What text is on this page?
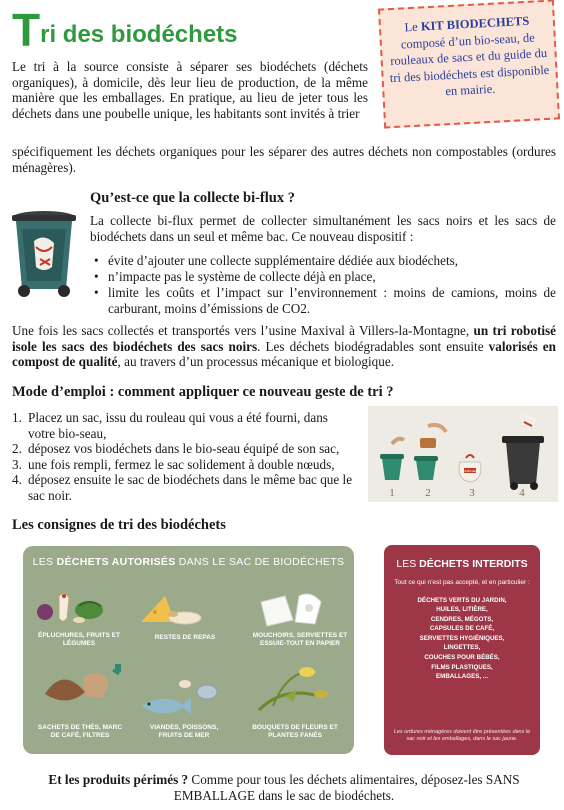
Tri des biodéchets	Le KIT BIODECHETS composé d’un bio-seau, de rouleaux de sacs et du guide du tri des biodéchets est disponible en mairie.

Le tri à la source consiste à séparer ses biodéchets (déchets organiques), à domicile, dès leur lieu de production, de la même manière que les emballages. En pratique, au lieu de jeter tous les déchets dans une poubelle unique, les habitants sont invités à trier

spécifiquement les déchets organiques pour les séparer des autres déchets non compostables (ordures ménagères).

Qu’est-ce que la collecte bi-flux ?

La collecte bi-flux permet de collecter simultanément les sacs noirs et les sacs de biodéchets dans un seul et même bac. Ce nouveau dispositif :

• évite d’ajouter une collecte supplémentaire dédiée aux biodéchets,
• n’impacte pas le système de collecte déjà en place,
• limite les coûts et l’impact sur l’environnement : moins de camions, moins de carburant, moins d’émissions de CO2.

Une fois les sacs collectés et transportés vers l’usine Maxival à Villers-la-Montagne, un tri robotisé isole les sacs des biodéchets des sacs noirs. Les déchets biodégradables sont ensuite valorisés en compost de qualité, au travers d’un processus mécanique et biologique.

Mode d’emploi : comment appliquer ce nouveau geste de tri ?
1. Placez un sac, issu du rouleau qui vous a été fourni, dans votre bio-seau,
2. déposez vos biodéchets dans le bio-seau équipé de son sac,
3. une fois rempli, fermez le sac solidement à double nœuds,
4. déposez ensuite le sac de biodéchets dans le même bac que le sac noir.
BIODÉCHETS
1	2	3	4
Les consignes de tri des biodéchets
LES DÉCHETS AUTORISÉS DANS LE SAC DE BIODÉCHETS
ÉPLUCHURES, FRUITS ET LÉGUMES
RESTES DE REPAS	MOUCHOIRS, SERVIETTES ET ESSUIE-TOUT EN PAPIER
SACHETS DE THÉS, MARC DE CAFÉ, FILTRES
VIANDES, POISSONS, FRUITS DE MER
BOUQUETS DE FLEURS ET PLANTES FANÉS
LES DÉCHETS INTERDITS
Tout ce qui n’est pas accepté, et en particulier :
DÉCHETS VERTS DU JARDIN,
HUILES, LITIÈRE,
CENDRES, MÉGOTS,
CAPSULES DE CAFÉ,
SERVIETTES HYGIÉNIQUES,
LINGETTES,
COUCHES POUR BÉBÉS,
FILMS PLASTIQUES,
EMBALLAGES, ...
Les ordures ménagères doivent être présentées dans le sac noir et les emballages, dans le sac jaune.

Et les produits périmés ? Comme pour tous les déchets alimentaires, déposez-les SANS EMBALLAGE dans le sac de biodéchets.
